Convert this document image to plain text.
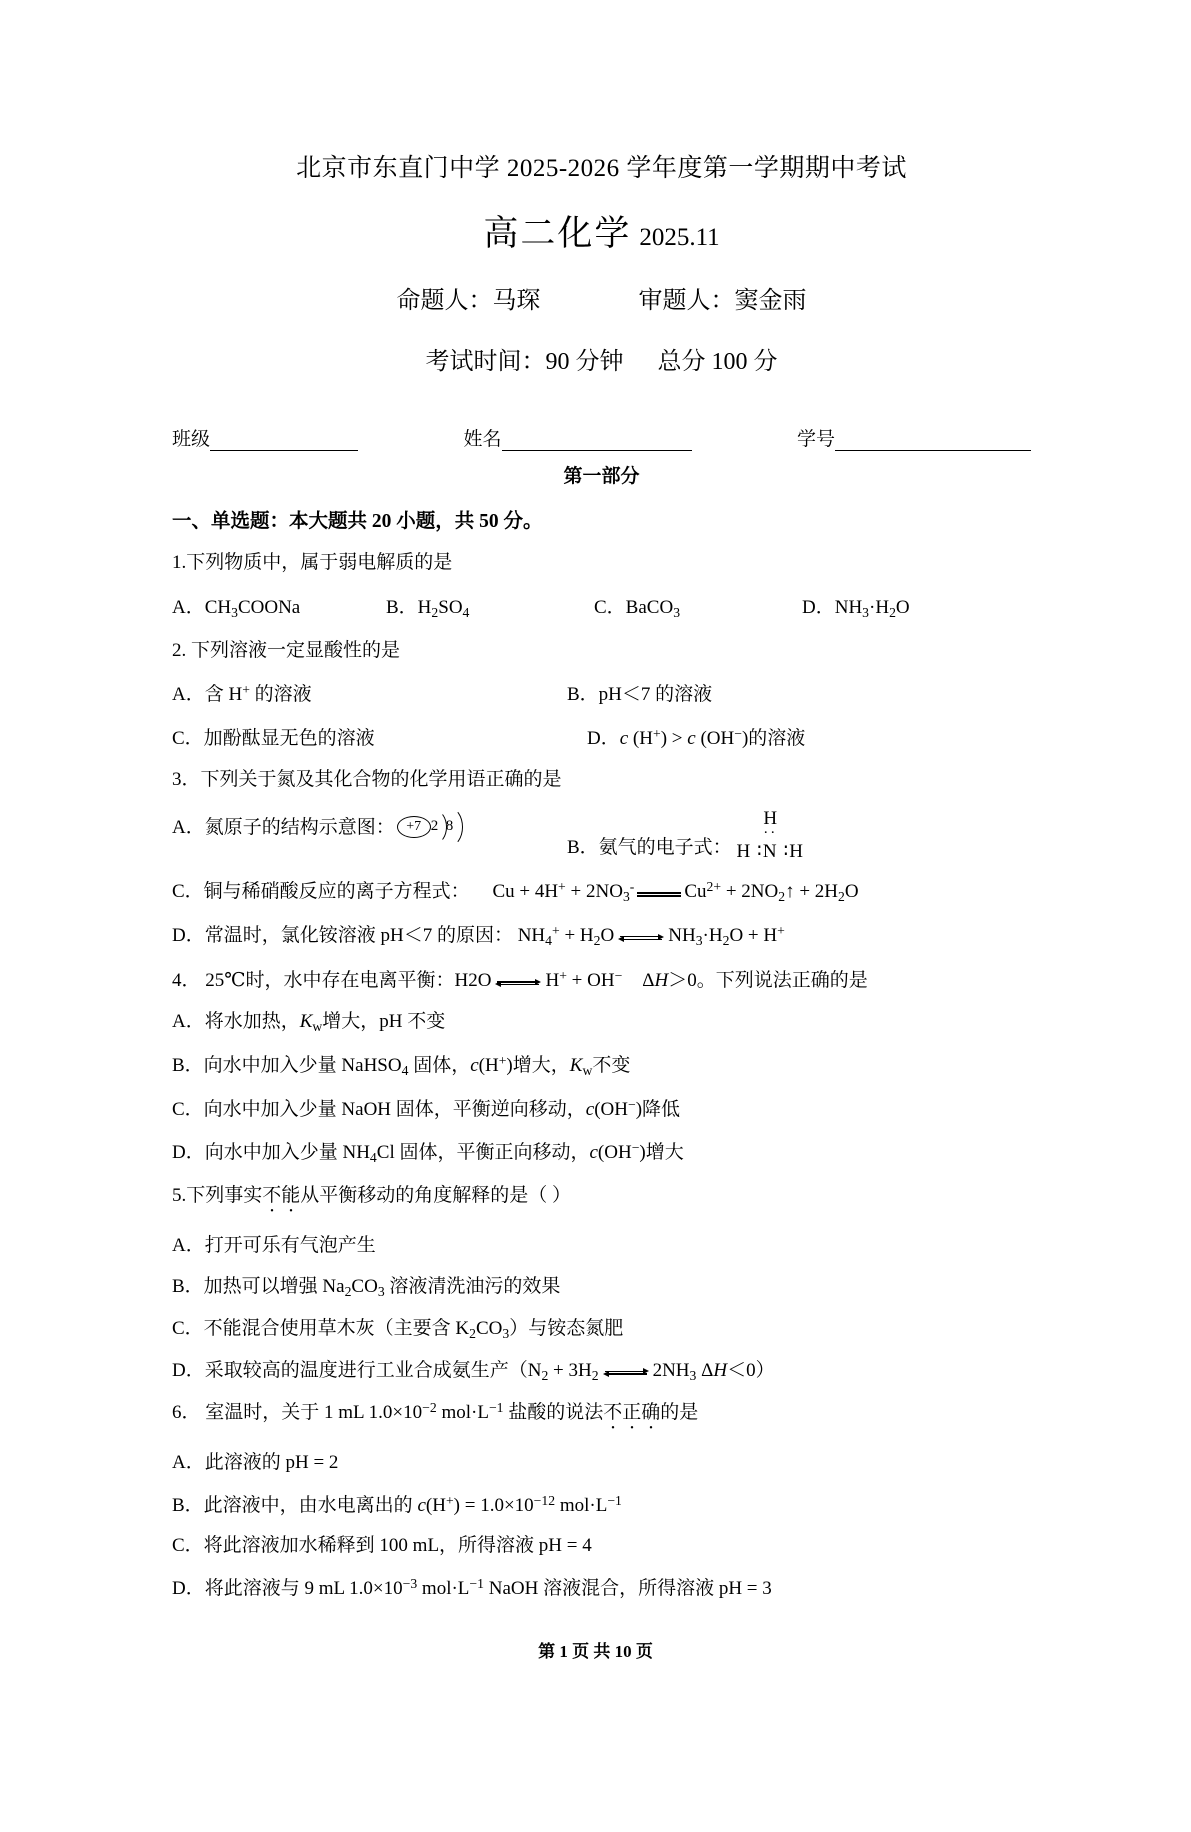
北京市东直门中学 2025-2026 学年度第一学期期中考试
高二化学 2025.11
命题人：马琛	审题人：窦金雨
考试时间：90 分钟 总分 100 分
班级	姓名	学号
第一部分
一、单选题：本大题共 20 小题，共 50 分。
1.下列物质中，属于弱电解质的是
A．$CH_3COONa$	B．$H_2SO_4$	C．BaCO$_3$	D．$NH_3\cdot H_2O$
2. 下列溶液一定显酸性的是
A．含 H+ 的溶液	B．pH＜7 的溶液
C．加酚酞显无色的溶液	D．c (H+) > c (OH−)的溶液
3．下列关于氮及其化合物的化学用语正确的是
A．氮原子的结构示意图： +7 2 8
B．氨气的电子式：
H
··
H ∶N ∶H
C．铜与稀硝酸反应的离子方程式： $Cu + 4H^+ + 2NO_3^-$	$Cu^{2+}$ + $2NO_2↑ + 2H_2O$
D．常温时，氯化铵溶液 pH＜7 的原因： $NH_4^+ + H_2O$	$NH_3\cdot H_2O + H^+$
4． 25℃时，水中存在电离平衡：H2O	H+ + OH− ΔH＞0。下列说法正确的是
A．将水加热，$K_w$增大，pH 不变
B．向水中加入少量 NaHSO$_4$ 固体，c(H+)增大，$K_w$不变
C．向水中加入少量 NaOH 固体，平衡逆向移动，c(OH−)降低
D．向水中加入少量 $NH_4Cl$ 固体，平衡正向移动，c(OH−)增大
5.下列事实不能从平衡移动的角度解释的是（ ）
A．打开可乐有气泡产生
B．加热可以增强 $Na_2CO_3$ 溶液清洗油污的效果
C．不能混合使用草木灰（主要含 $K_2CO_3$）与铵态氮肥
D．采取较高的温度进行工业合成氨生产（$N_2 + 3H_2$	$2NH_3$ ΔH＜0）
6． 室温时，关于 1 mL $1.0\times 10^{-2}$ $mol\cdot L^{-1}$ 盐酸的说法不正确的是
A．此溶液的 pH = 2
B．此溶液中，由水电离出的 $c(H^+) = 1.0\times 10^{-12}$ $mol\cdot L^{-1}$
C．将此溶液加水稀释到 100 mL，所得溶液 pH = 4
D．将此溶液与 9 mL $1.0\times 10^{-3}$ $mol\cdot L^{-1}$ NaOH 溶液混合，所得溶液 pH = 3
第 1 页 共 10 页
